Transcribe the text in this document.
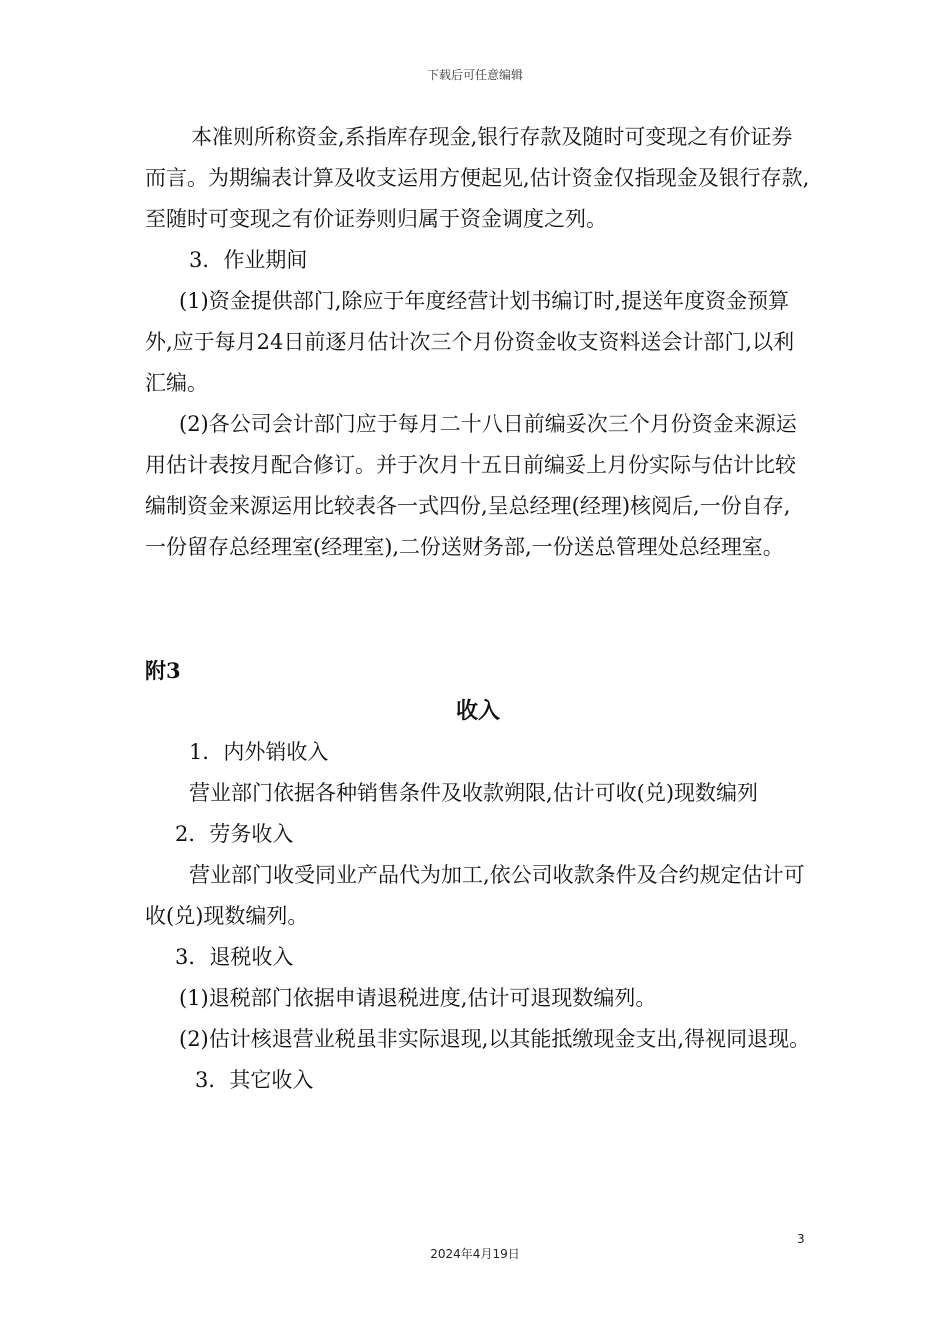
下载后可任意编辑

本准则所称资金,系指库存现金,银行存款及随时可变现之有价证券而言。为期编表计算及收支运用方便起见,估计资金仅指现金及银行存款,至随时可变现之有价证券则归属于资金调度之列。

3．作业期间

(1)资金提供部门,除应于年度经营计划书编订时,提送年度资金预算外,应于每月24日前逐月估计次三个月份资金收支资料送会计部门,以利汇编。

(2)各公司会计部门应于每月二十八日前编妥次三个月份资金来源运用估计表按月配合修订。并于次月十五日前编妥上月份实际与估计比较编制资金来源运用比较表各一式四份,呈总经理(经理)核阅后,一份自存,一份留存总经理室(经理室),二份送财务部,一份送总管理处总经理室。

附3

收入

1．内外销收入

营业部门依据各种销售条件及收款朔限,估计可收(兑)现数编列

2．劳务收入

营业部门收受同业产品代为加工,依公司收款条件及合约规定估计可收(兑)现数编列。

3．退税收入

(1)退税部门依据申请退税进度,估计可退现数编列。

(2)估计核退营业税虽非实际退现,以其能抵缴现金支出,得视同退现。

3．其它收入

3
2024年4月19日
